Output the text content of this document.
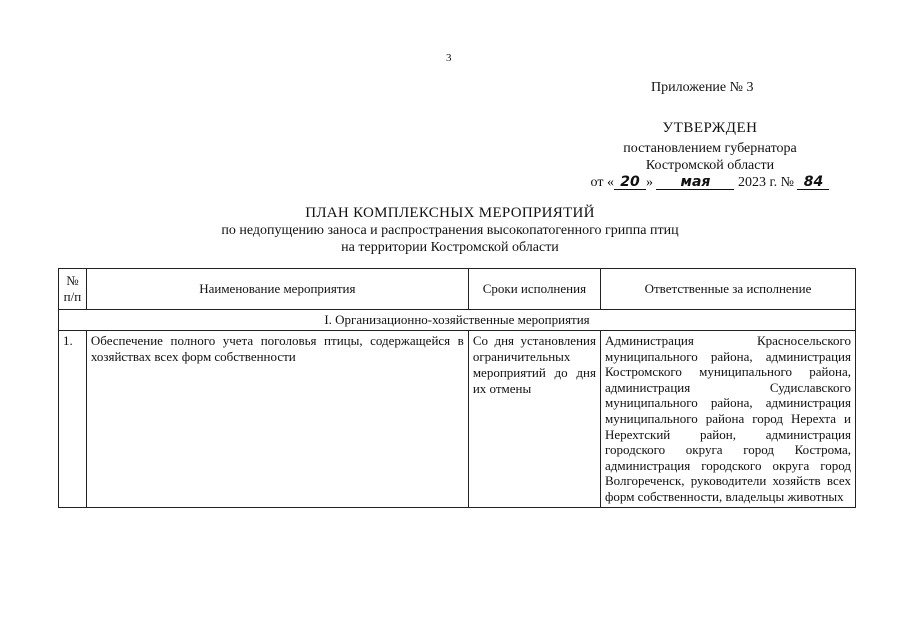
3
Приложение № 3
УТВЕРЖДЕН
постановлением губернатора
Костромской области
от « 20 » мая 2023 г. № 84
ПЛАН КОМПЛЕКСНЫХ МЕРОПРИЯТИЙ
по недопущению заноса и распространения высокопатогенного гриппа птиц
на территории Костромской области
№ п/п	Наименование мероприятия	Сроки исполнения	Ответственные за исполнение
I. Организационно-хозяйственные мероприятия			
1.	Обеспечение полного учета поголовья птицы, содержащейся в хозяйствах всех форм собственности	Со дня установления ограничительных мероприятий до дня их отмены	Администрация Красносельского муниципального района, администрация Костромского муниципального района, администрация Судиславского муниципального района, администрация муниципального района город Нерехта и Нерехтский район, администрация городского округа город Кострома, администрация городского округа город Волгореченск, руководители хозяйств всех форм собственности, владельцы животных
